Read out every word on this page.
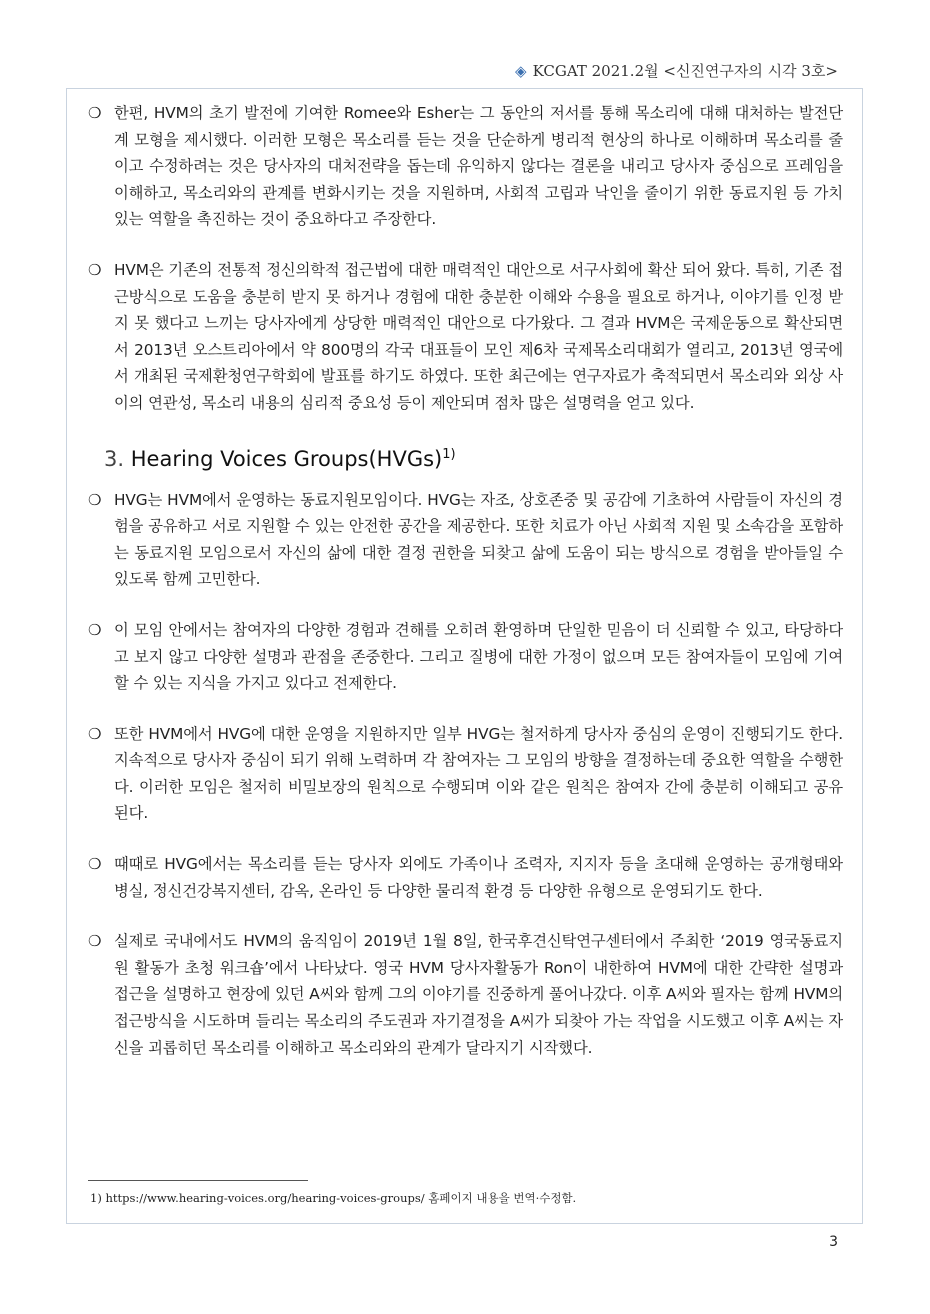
◈ KCGAT 2021.2월 <신진연구자의 시각 3호>
❍ 한편, HVM의 초기 발전에 기여한 Romee와 Esher는 그 동안의 저서를 통해 목소리에 대해 대처하는 발전단계 모형을 제시했다. 이러한 모형은 목소리를 듣는 것을 단순하게 병리적 현상의 하나로 이해하며 목소리를 줄이고 수정하려는 것은 당사자의 대처전략을 돕는데 유익하지 않다는 결론을 내리고 당사자 중심으로 프레임을 이해하고, 목소리와의 관계를 변화시키는 것을 지원하며, 사회적 고립과 낙인을 줄이기 위한 동료지원 등 가치 있는 역할을 촉진하는 것이 중요하다고 주장한다.
❍ HVM은 기존의 전통적 정신의학적 접근법에 대한 매력적인 대안으로 서구사회에 확산 되어 왔다. 특히, 기존 접근방식으로 도움을 충분히 받지 못 하거나 경험에 대한 충분한 이해와 수용을 필요로 하거나, 이야기를 인정 받지 못 했다고 느끼는 당사자에게 상당한 매력적인 대안으로 다가왔다. 그 결과 HVM은 국제운동으로 확산되면서 2013년 오스트리아에서 약 800명의 각국 대표들이 모인 제6차 국제목소리대회가 열리고, 2013년 영국에서 개최된 국제환청연구학회에 발표를 하기도 하였다. 또한 최근에는 연구자료가 축적되면서 목소리와 외상 사이의 연관성, 목소리 내용의 심리적 중요성 등이 제안되며 점차 많은 설명력을 얻고 있다.
3. Hearing Voices Groups(HVGs)$^{1)}$
❍ HVG는 HVM에서 운영하는 동료지원모임이다. HVG는 자조, 상호존중 및 공감에 기초하여 사람들이 자신의 경험을 공유하고 서로 지원할 수 있는 안전한 공간을 제공한다. 또한 치료가 아닌 사회적 지원 및 소속감을 포함하는 동료지원 모임으로서 자신의 삶에 대한 결정 권한을 되찾고 삶에 도움이 되는 방식으로 경험을 받아들일 수 있도록 함께 고민한다.
❍ 이 모임 안에서는 참여자의 다양한 경험과 견해를 오히려 환영하며 단일한 믿음이 더 신뢰할 수 있고, 타당하다고 보지 않고 다양한 설명과 관점을 존중한다. 그리고 질병에 대한 가정이 없으며 모든 참여자들이 모임에 기여할 수 있는 지식을 가지고 있다고 전제한다.
❍ 또한 HVM에서 HVG에 대한 운영을 지원하지만 일부 HVG는 철저하게 당사자 중심의 운영이 진행되기도 한다. 지속적으로 당사자 중심이 되기 위해 노력하며 각 참여자는 그 모임의 방향을 결정하는데 중요한 역할을 수행한다. 이러한 모임은 철저히 비밀보장의 원칙으로 수행되며 이와 같은 원칙은 참여자 간에 충분히 이해되고 공유된다.
❍ 때때로 HVG에서는 목소리를 듣는 당사자 외에도 가족이나 조력자, 지지자 등을 초대해 운영하는 공개형태와 병실, 정신건강복지센터, 감옥, 온라인 등 다양한 물리적 환경 등 다양한 유형으로 운영되기도 한다.
❍ 실제로 국내에서도 HVM의 움직임이 2019년 1월 8일, 한국후견신탁연구센터에서 주최한 ‘2019 영국동료지원 활동가 초청 워크숍’에서 나타났다. 영국 HVM 당사자활동가 Ron이 내한하여 HVM에 대한 간략한 설명과 접근을 설명하고 현장에 있던 A씨와 함께 그의 이야기를 진중하게 풀어나갔다. 이후 A씨와 필자는 함께 HVM의 접근방식을 시도하며 들리는 목소리의 주도권과 자기결정을 A씨가 되찾아 가는 작업을 시도했고 이후 A씨는 자신을 괴롭히던 목소리를 이해하고 목소리와의 관계가 달라지기 시작했다.
1) https://www.hearing-voices.org/hearing-voices-groups/ 홈페이지 내용을 번역·수정함.
3
